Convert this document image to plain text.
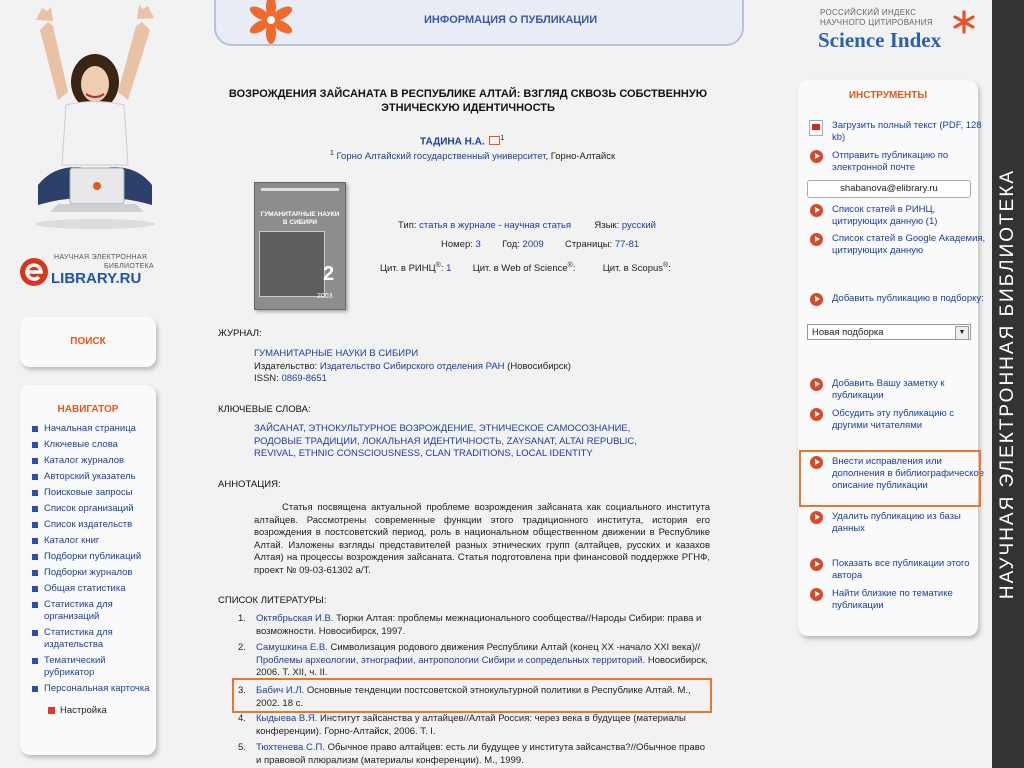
НАУЧНАЯ ЭЛЕКТРОННАЯ
БИБЛИОТЕКА
LIBRARY.RU
ПОИСК
НАВИГАТОР
Начальная страница
Ключевые слова
Каталог журналов
Авторский указатель
Поисковые запросы
Список организаций
Список издательств
Каталог книг
Подборки публикаций
Подборки журналов
Общая статистика
Статистика для организаций
Статистика для издательства
Тематический рубрикатор
Персональная карточка
Настройка
ИНФОРМАЦИЯ О ПУБЛИКАЦИИ
РОССИЙСКИЙ ИНДЕКС
НАУЧНОГО ЦИТИРОВАНИЯ
Science Index
ВОЗРОЖДЕНИЯ ЗАЙСАНАТА В РЕСПУБЛИКЕ АЛТАЙ: ВЗГЛЯД СКВОЗЬ СОБСТВЕННУЮ ЭТНИЧЕСКУЮ ИДЕНТИЧНОСТЬ
ТАДИНА Н.А. $^1$
$^1$ Горно Алтайский государственный университет, Горно-Алтайск
ГУМАНИТАРНЫЕ НАУКИ
В СИБИРИ
2
2003
Тип: статья в журнале - научная статья Язык: русский
Номер: 3 Год: 2009 Страницы: 77-81
Цит. в РИНЦ®: 1 Цит. в Web of Science®:	Цит. в Scopus®:
ЖУРНАЛ:
ГУМАНИТАРНЫЕ НАУКИ В СИБИРИ
Издательство: Издательство Сибирского отделения РАН (Новосибирск)
ISSN: 0869-8651
КЛЮЧЕВЫЕ СЛОВА:
ЗАЙСАНАТ, ЭТНОКУЛЬТУРНОЕ ВОЗРОЖДЕНИЕ, ЭТНИЧЕСКОЕ САМОСОЗНАНИЕ, РОДОВЫЕ ТРАДИЦИИ, ЛОКАЛЬНАЯ ИДЕНТИЧНОСТЬ, ZAYSANAT, ALTAI REPUBLIC, REVIVAL, ETHNIC CONSCIOUSNESS, CLAN TRADITIONS, LOCAL IDENTITY
АННОТАЦИЯ:
Статья посвящена актуальной проблеме возрождения зайсаната как социального института алтайцев. Рассмотрены современные функции этого традиционного института, история его возрождения в постсоветский период, роль в национальном общественном движении в Республике Алтай. Изложены взгляды представителей разных этнических групп (алтайцев, русских и казахов Алтая) на процессы возрождения зайсаната. Статья подготовлена при финансовой поддержке РГНФ, проект № 09-03-61302 а/Т.
СПИСОК ЛИТЕРАТУРЫ:
1. Октябрьская И.В. Тюрки Алтая: проблемы межнационального сообщества//Народы Сибири: права и возможности. Новосибирск, 1997.
2. Самушкина Е.В. Символизация родового движения Республики Алтай (конец XX -начало XXI века)//Проблемы археологии, этнографии, антропологии Сибири и сопредельных территорий. Новосибирск, 2006. Т. XII, ч. II.
3. Бабич И.Л. Основные тенденции постсоветской этнокультурной политики в Республике Алтай. М., 2002. 18 с.
4. Кыдыева В.Я. Институт зайсанства у алтайцев//Алтай Россия: через века в будущее (материалы конференции). Горно-Алтайск, 2006. Т. I.
5. Тюхтенева С.П. Обычное право алтайцев: есть ли будущее у института зайсанства?//Обычное право и правовой плюрализм (материалы конференции). М., 1999.
ИНСТРУМЕНТЫ
Загрузить полный текст (PDF, 128 kb)
Отправить публикацию по электронной почте
shabanova@elibrary.ru
Список статей в РИНЦ, цитирующих данную (1)
Список статей в Google Академия, цитирующих данную
Добавить публикацию в подборку:
Новая подборка	▼
Добавить Вашу заметку к публикации
Обсудить эту публикацию с другими читателями
Внести исправления или дополнения в библиографическое описание публикации
Удалить публикацию из базы данных
Показать все публикации этого автора
Найти близкие по тематике публикации
НАУЧНАЯ ЭЛЕКТРОННАЯ БИБЛИОТЕКА
